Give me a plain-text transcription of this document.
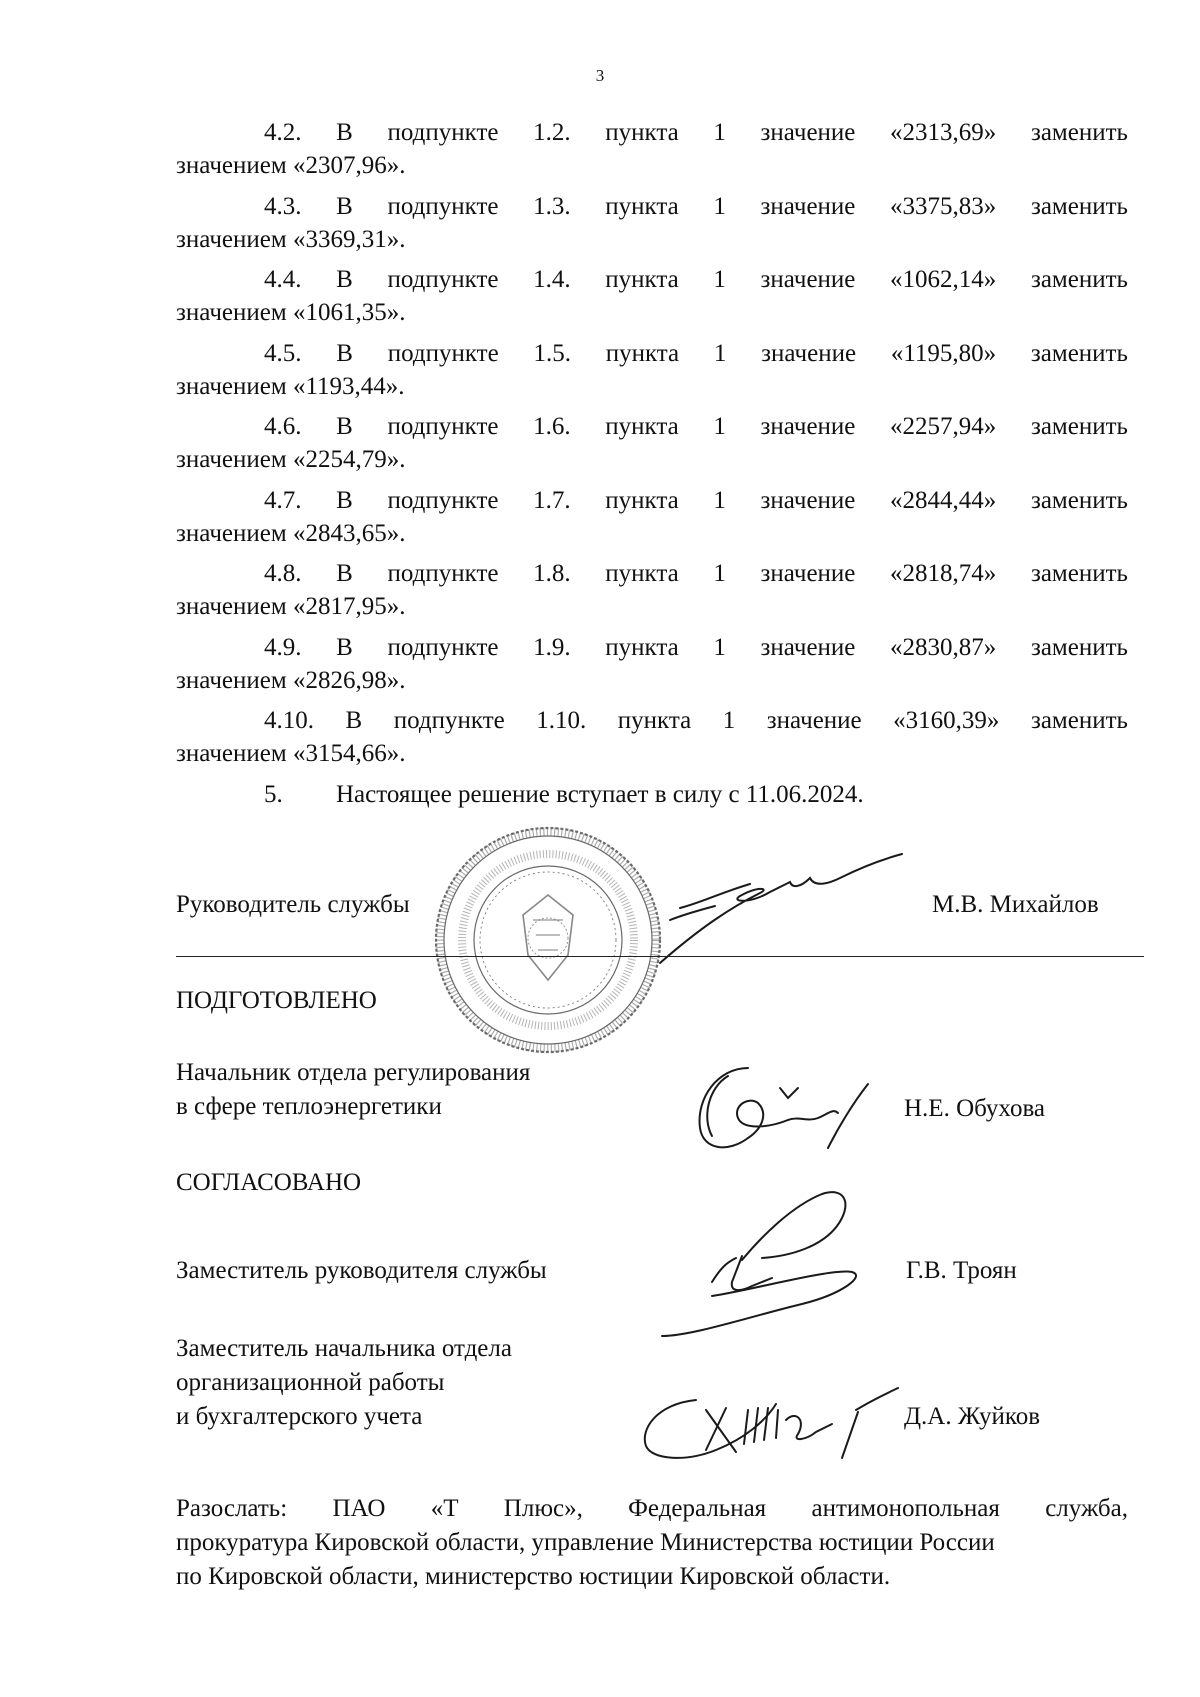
3
4.2. В подпункте 1.2. пункта 1 значение «2313,69» заменить
значением «2307,96».
4.3. В подпункте 1.3. пункта 1 значение «3375,83» заменить
значением «3369,31».
4.4. В подпункте 1.4. пункта 1 значение «1062,14» заменить
значением «1061,35».
4.5. В подпункте 1.5. пункта 1 значение «1195,80» заменить
значением «1193,44».
4.6. В подпункте 1.6. пункта 1 значение «2257,94» заменить
значением «2254,79».
4.7. В подпункте 1.7. пункта 1 значение «2844,44» заменить
значением «2843,65».
4.8. В подпункте 1.8. пункта 1 значение «2818,74» заменить
значением «2817,95».
4.9. В подпункте 1.9. пункта 1 значение «2830,87» заменить
значением «2826,98».
4.10. В подпункте 1.10. пункта 1 значение «3160,39» заменить
значением «3154,66».
5. Настоящее решение вступает в силу с 11.06.2024.
Руководитель службы	М.В. Михайлов
ПОДГОТОВЛЕНО
Начальник отдела регулирования
в сфере теплоэнергетики	Н.Е. Обухова
СОГЛАСОВАНО
Заместитель руководителя службы	Г.В. Троян
Заместитель начальника отдела
организационной работы
и бухгалтерского учета	Д.А. Жуйков
Разослать: ПАО «Т Плюс», Федеральная антимонопольная служба,
прокуратура Кировской области, управление Министерства юстиции России
по Кировской области, министерство юстиции Кировской области.
